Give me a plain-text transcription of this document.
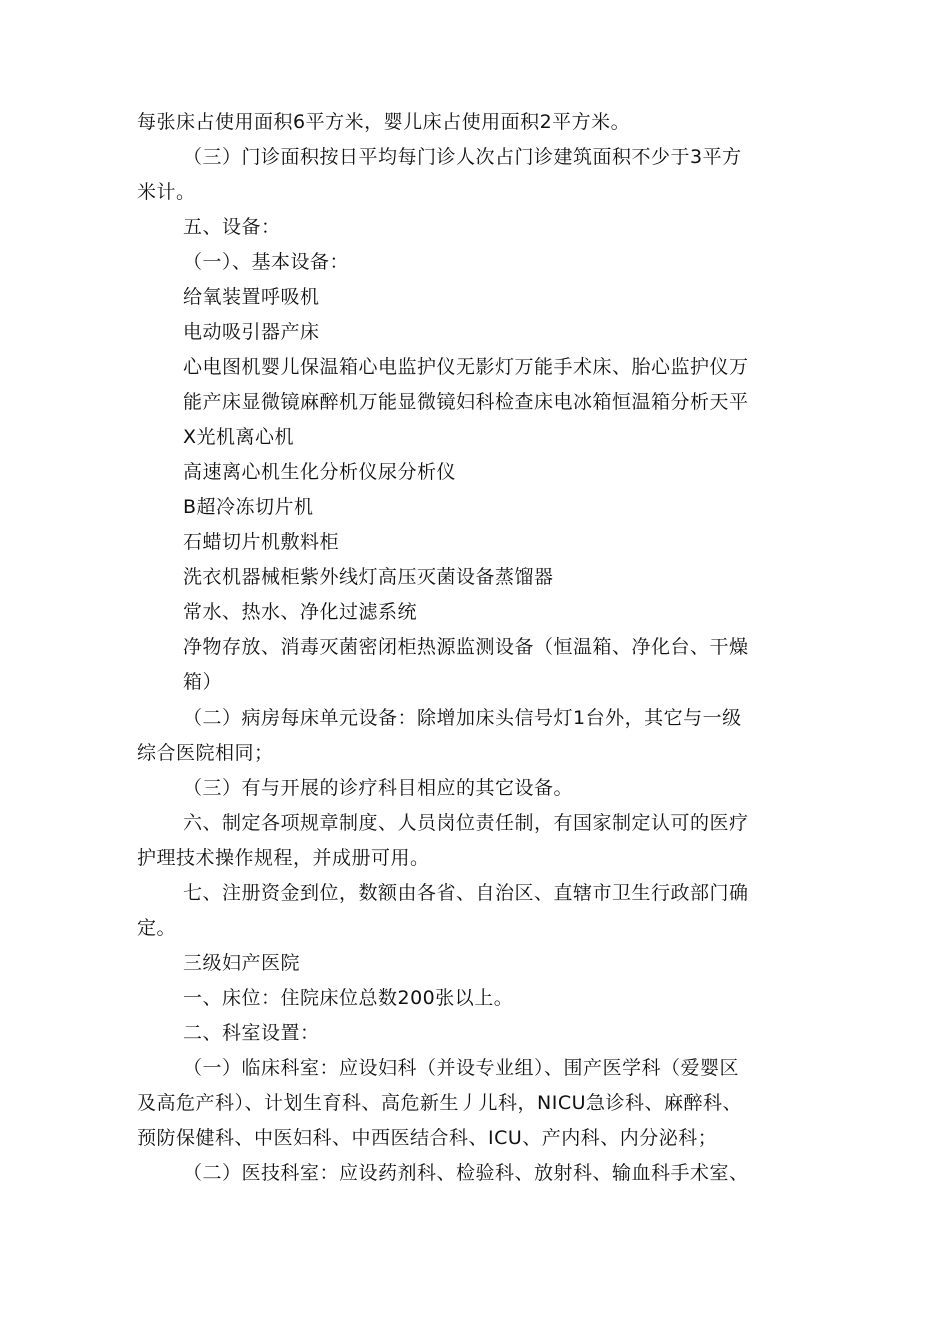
每张床占使用面积6平方米，婴儿床占使用面积2平方米。
（三）门诊面积按日平均每门诊人次占门诊建筑面积不少于3平方
米计。
五、设备：
（一）、基本设备：
给氧装置呼吸机
电动吸引器产床
心电图机婴儿保温箱心电监护仪无影灯万能手术床、胎心监护仪万
能产床显微镜麻醉机万能显微镜妇科检查床电冰箱恒温箱分析天平
X光机离心机
高速离心机生化分析仪尿分析仪
B超冷冻切片机
石蜡切片机敷料柜
洗衣机器械柜紫外线灯高压灭菌设备蒸馏器
常水、热水、净化过滤系统
净物存放、消毒灭菌密闭柜热源监测设备（恒温箱、净化台、干燥
箱）
（二）病房每床单元设备：除增加床头信号灯1台外，其它与一级
综合医院相同；
（三）有与开展的诊疗科目相应的其它设备。
六、制定各项规章制度、人员岗位责任制，有国家制定认可的医疗
护理技术操作规程，并成册可用。
七、注册资金到位，数额由各省、自治区、直辖市卫生行政部门确
定。
三级妇产医院
一、床位：住院床位总数200张以上。
二、科室设置：
（一）临床科室：应设妇科（并设专业组）、围产医学科（爱婴区
及高危产科）、计划生育科、高危新生丿儿科，NICU急诊科、麻醉科、
预防保健科、中医妇科、中西医结合科、ICU、产内科、内分泌科；
（二）医技科室：应设药剂科、检验科、放射科、输血科手术室、
